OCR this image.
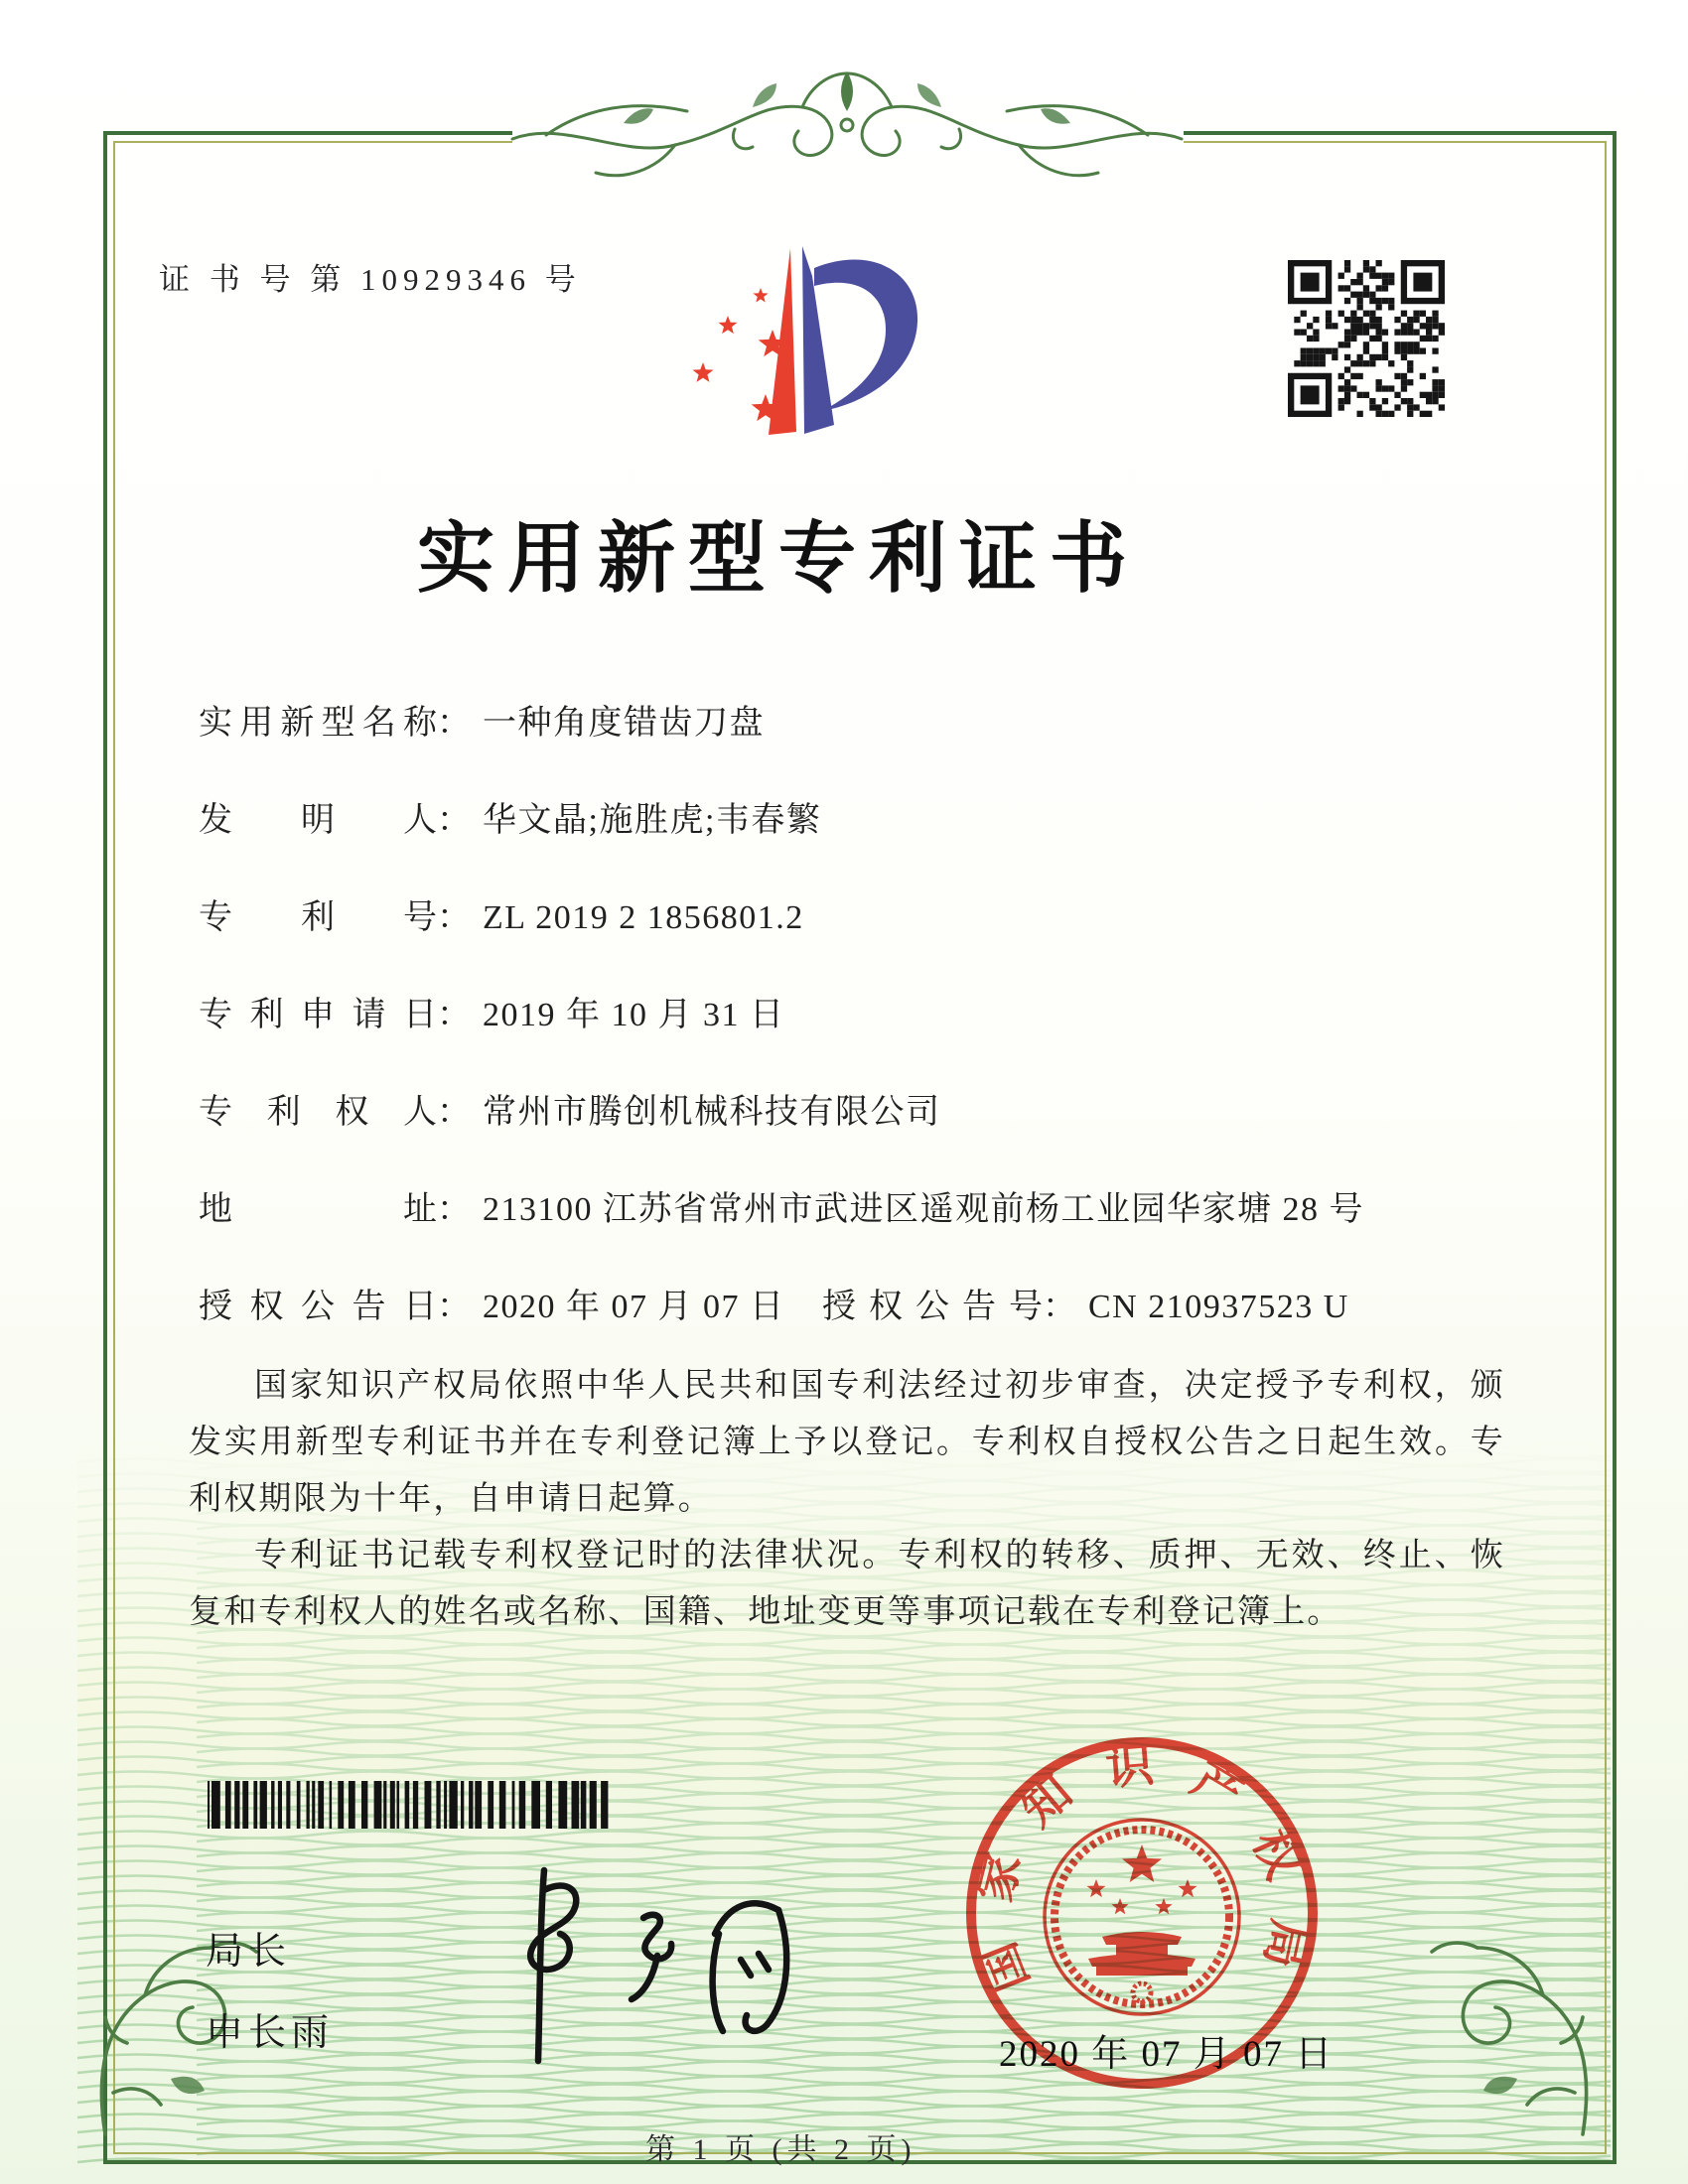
证 书 号 第 10929346 号
实用新型专利证书
实用新型名称： 一种角度错齿刀盘
发明人： 华文晶;施胜虎;韦春繁
专利号： ZL 2019 2 1856801.2
专利申请日： 2019 年 10 月 31 日
专利权人： 常州市腾创机械科技有限公司
地址： 213100 江苏省常州市武进区遥观前杨工业园华家塘 28 号
授权公告日： 2020 年 07 月 07 日 授权公告号： CN 210937523 U

国家知识产权局依照中华人民共和国专利法经过初步审查，决定授予专利权，颁发实用新型专利证书并在专利登记簿上予以登记。专利权自授权公告之日起生效。专利权期限为十年，自申请日起算。

专利证书记载专利权登记时的法律状况。专利权的转移、质押、无效、终止、恢复和专利权人的姓名或名称、国籍、地址变更等事项记载在专利登记簿上。

局长
申长雨
2020 年 07 月 07 日
国家知识产权局
第 1 页 (共 2 页)
